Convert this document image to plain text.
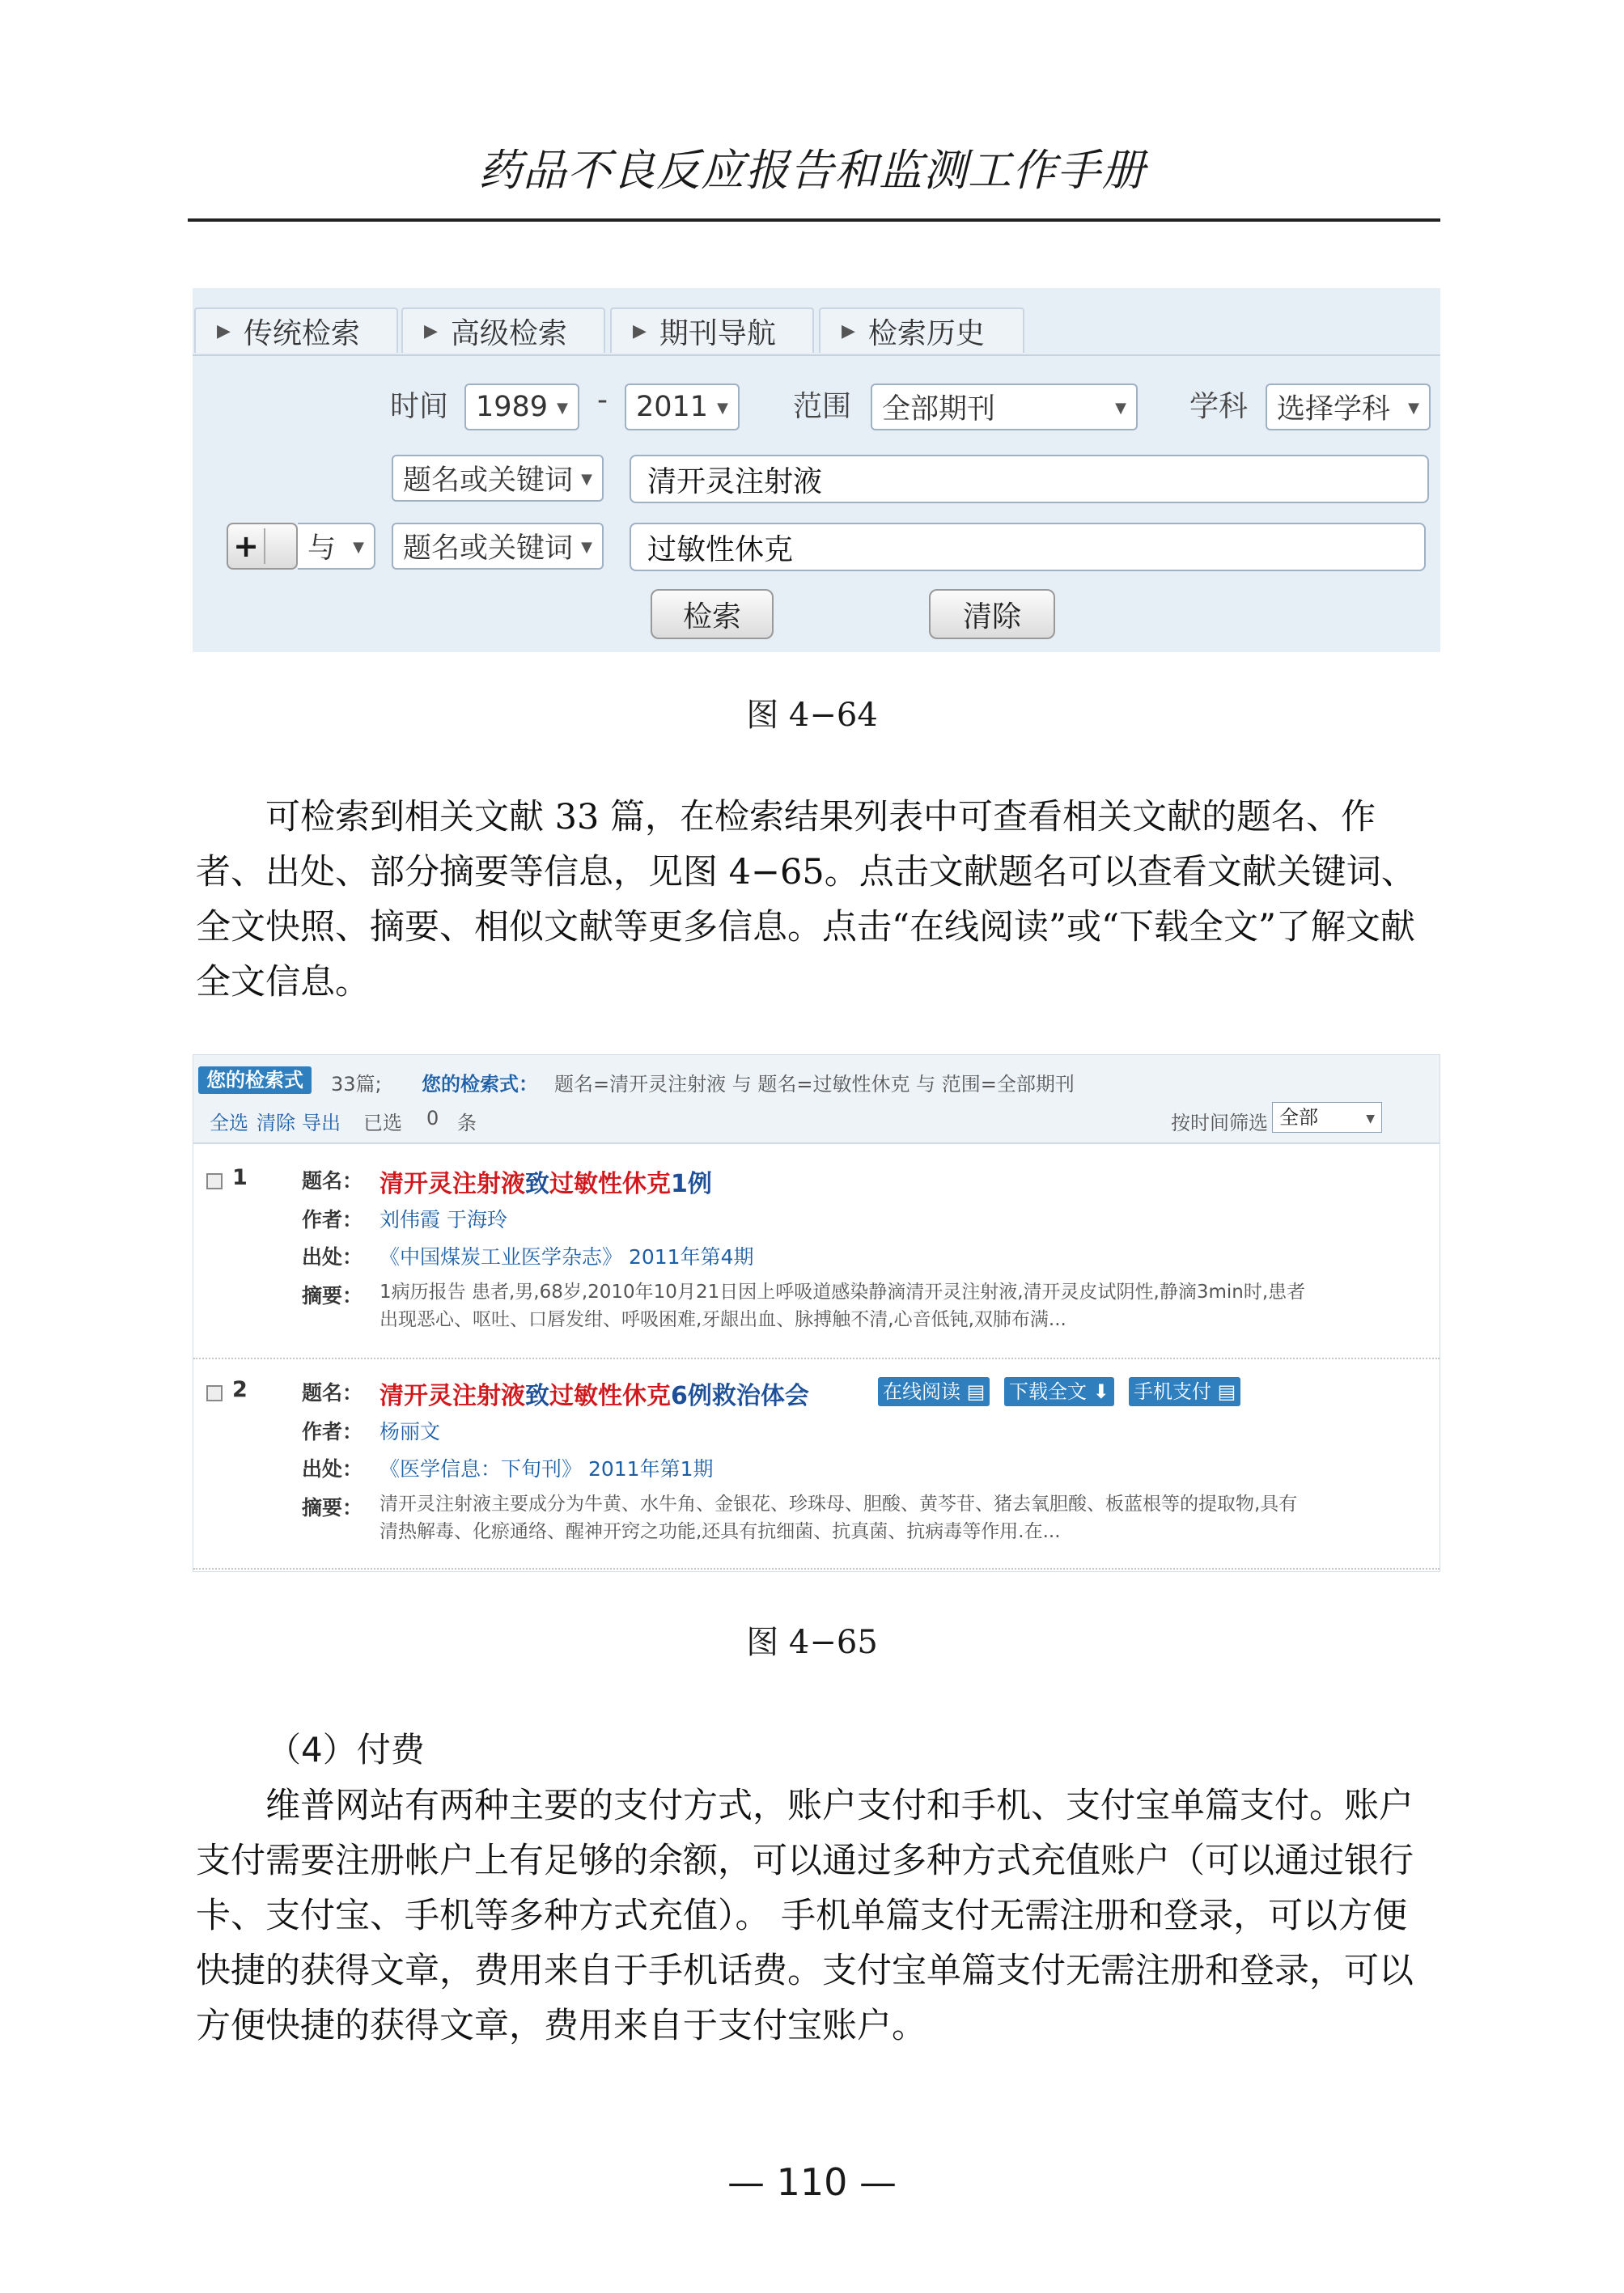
药品不良反应报告和监测工作手册
▶ 传统检索	▶ 高级检索	▶ 期刊导航	▶ 检索历史
时间 1989 ▼ - 2011 ▼ 范围 全部期刊	▼ 学科 选择学科 ▼
题名或关键词 ▼ 清开灵注射液
+ 与 ▼ 题名或关键词 ▼ 过敏性休克
检索	清除
图 4−64
可检索到相关文献 33 篇，在检索结果列表中可查看相关文献的题名、作者、出处、部分摘要等信息，见图 4−65。点击文献题名可以查看文献关键词、全文快照、摘要、相似文献等更多信息。点击“在线阅读”或“下载全文”了解文献全文信息。
您的检索式	33篇; 您的检索式： 题名=清开灵注射液 与 题名=过敏性休克 与 范围=全部期刊
全选 清除 导出 已选 0 条	按时间筛选 全部	▼
1	题名： 清开灵注射液致过敏性休克1例
作者： 刘伟霞 于海玲
出处： 《中国煤炭工业医学杂志》 2011年第4期
摘要： 1病历报告 患者,男,68岁,2010年10月21日因上呼吸道感染静滴清开灵注射液,清开灵皮试阴性,静滴3min时,患者
出现恶心、呕吐、口唇发绀、呼吸困难,牙龈出血、脉搏触不清,心音低钝,双肺布满...
2	题名： 清开灵注射液致过敏性休克6例救治体会	在线阅读 ▤ 下载全文 ⬇ 手机支付 ▤
作者： 杨丽文
出处： 《医学信息：下旬刊》 2011年第1期
摘要： 清开灵注射液主要成分为牛黄、水牛角、金银花、珍珠母、胆酸、黄芩苷、猪去氧胆酸、板蓝根等的提取物,具有
清热解毒、化瘀通络、醒神开窍之功能,还具有抗细菌、抗真菌、抗病毒等作用.在...
图 4−65
（4）付费
维普网站有两种主要的支付方式，账户支付和手机、支付宝单篇支付。账户支付需要注册帐户上有足够的余额，可以通过多种方式充值账户（可以通过银行卡、支付宝、手机等多种方式充值）。 手机单篇支付无需注册和登录，可以方便快捷的获得文章，费用来自于手机话费。支付宝单篇支付无需注册和登录，可以方便快捷的获得文章，费用来自于支付宝账户。
— 110 —
